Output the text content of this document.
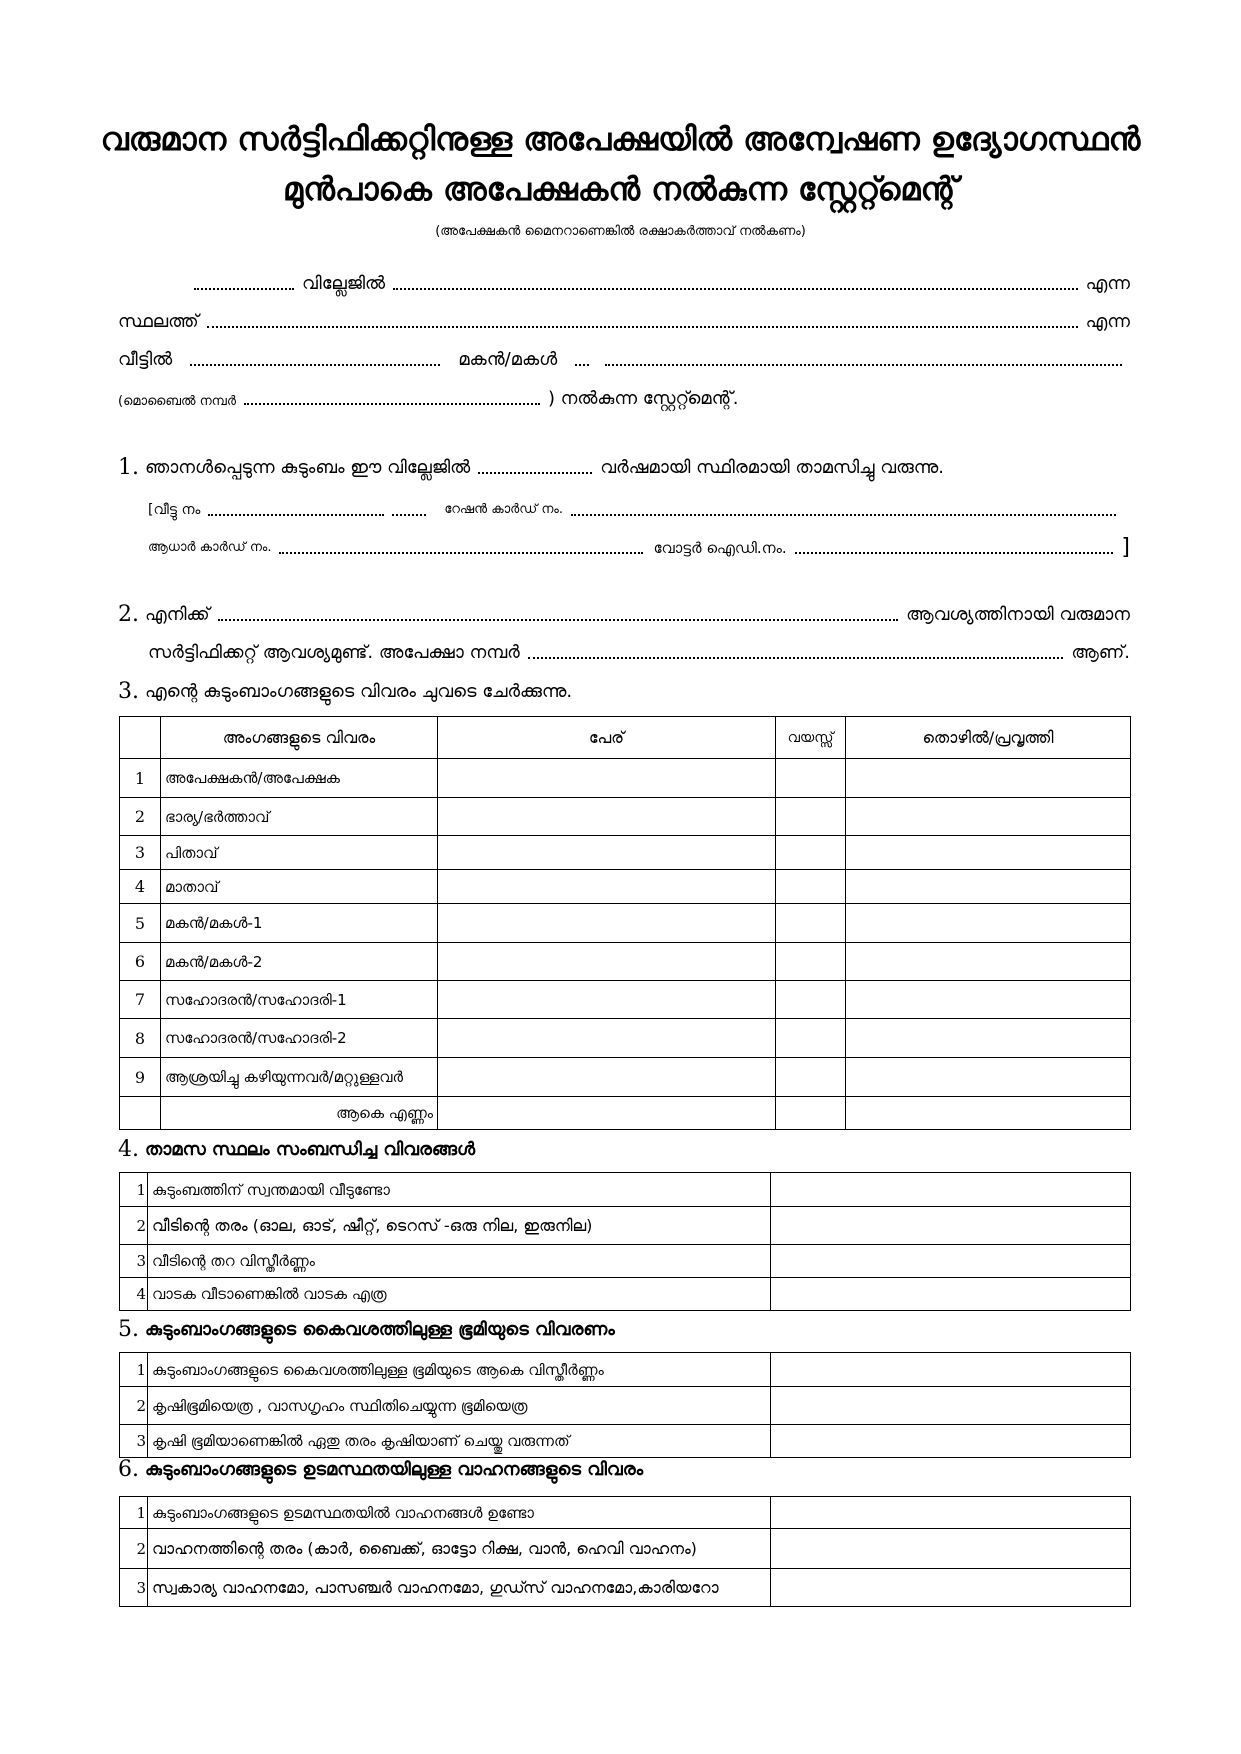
വരുമാന സർട്ടിഫിക്കറ്റിനുള്ള അപേക്ഷയിൽ അന്വേഷണ ഉദ്യോഗസ്ഥൻ
മുൻപാകെ അപേക്ഷകൻ നൽകുന്ന സ്റ്റേറ്റ്മെന്റ്
(അപേക്ഷകൻ മൈനറാണെങ്കിൽ രക്ഷാകർത്താവ് നൽകണം)
വില്ലേജിൽ	എന്ന
സ്ഥലത്ത്	എന്ന
വീട്ടിൽ	മകൻ/മകൾ
(മൊബൈൽ നമ്പർ	) നൽകുന്ന സ്റ്റേറ്റ്മെന്റ്.
1. ഞാനൾപ്പെടുന്ന കുടുംബം ഈ വില്ലേജിൽ	വർഷമായി സ്ഥിരമായി താമസിച്ചു വരുന്നു.
[വീട്ടു നം	റേഷൻ കാർഡ് നം.
ആധാർ കാർഡ് നം.	വോട്ടർ ഐഡി.നം.	]
2. എനിക്ക്	ആവശ്യത്തിനായി വരുമാന
സർട്ടിഫിക്കറ്റ് ആവശ്യമുണ്ട്. അപേക്ഷാ നമ്പർ	ആണ്.
3. എന്റെ കുടുംബാംഗങ്ങളുടെ വിവരം ചുവടെ ചേർക്കുന്നു.
	അംഗങ്ങളുടെ വിവരം	പേര്	വയസ്സ്	തൊഴിൽ/പ്രവൃത്തി
1	അപേക്ഷകൻ/അപേക്ഷക			
2	ഭാര്യ/ഭർത്താവ്			
3	പിതാവ്			
4	മാതാവ്			
5	മകൻ/മകൾ-1			
6	മകൻ/മകൾ-2			
7	സഹോദരൻ/സഹോദരി-1			
8	സഹോദരൻ/സഹോദരി-2			
9	ആശ്രയിച്ചു കഴിയുന്നവർ/മറ്റുള്ളവർ			
	ആകെ എണ്ണം			
4. താമസ സ്ഥലം സംബന്ധിച്ച വിവരങ്ങൾ
1	കുടുംബത്തിന് സ്വന്തമായി വീടുണ്ടോ	
2	വീടിന്റെ തരം (ഓല, ഓട്, ഷീറ്റ്, ടെറസ് -ഒരു നില, ഇരുനില)	
3	വീടിന്റെ തറ വിസ്തീർണ്ണം	
4	വാടക വീടാണെങ്കിൽ വാടക എത്ര	
5. കുടുംബാംഗങ്ങളുടെ കൈവശത്തിലുള്ള ഭൂമിയുടെ വിവരണം
1	കുടുംബാംഗങ്ങളുടെ കൈവശത്തിലുള്ള ഭൂമിയുടെ ആകെ വിസ്തീർണ്ണം	
2	കൃഷിഭൂമിയെത്ര , വാസഗൃഹം സ്ഥിതിചെയ്യുന്ന ഭൂമിയെത്ര	
3	കൃഷി ഭൂമിയാണെങ്കിൽ ഏതു തരം കൃഷിയാണ് ചെയ്തു വരുന്നത്	
6. കുടുംബാംഗങ്ങളുടെ ഉടമസ്ഥതയിലുള്ള വാഹനങ്ങളുടെ വിവരം
1	കുടുംബാംഗങ്ങളുടെ ഉടമസ്ഥതയിൽ വാഹനങ്ങൾ ഉണ്ടോ	
2	വാഹനത്തിന്റെ തരം (കാർ, ബൈക്ക്, ഓട്ടോ റിക്ഷ, വാൻ, ഹെവി വാഹനം)	
3	സ്വകാര്യ വാഹനമോ, പാസഞ്ചർ വാഹനമോ, ഗുഡ്സ് വാഹനമോ,കാരിയറോ	
